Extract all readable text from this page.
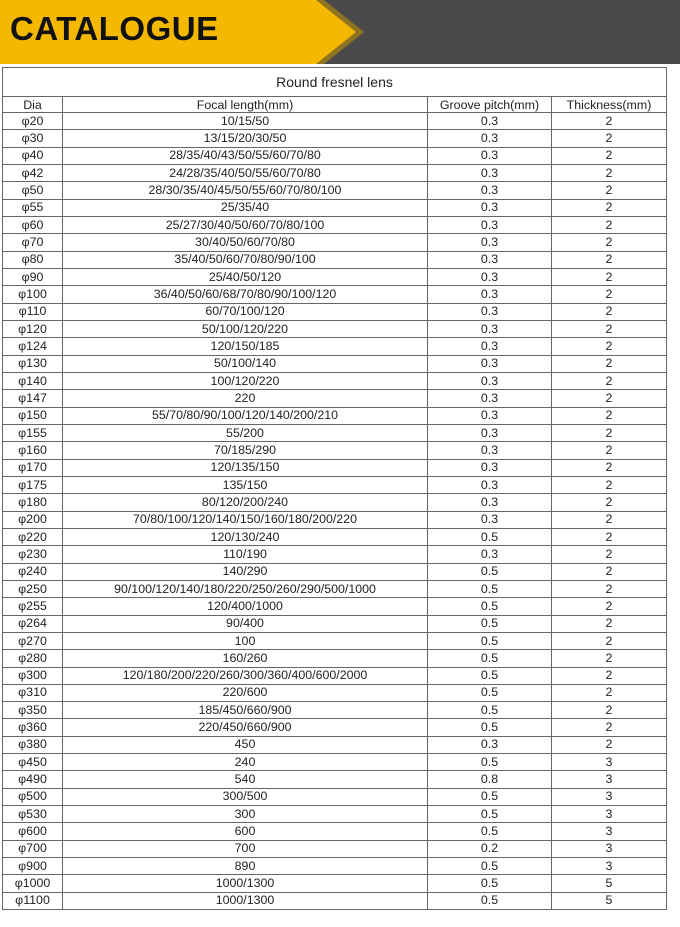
CATALOGUE
Round fresnel lens			
Dia	Focal length(mm)	Groove pitch(mm)	Thickness(mm)
φ20	10/15/50	0.3	2
φ30	13/15/20/30/50	0.3	2
φ40	28/35/40/43/50/55/60/70/80	0.3	2
φ42	24/28/35/40/50/55/60/70/80	0.3	2
φ50	28/30/35/40/45/50/55/60/70/80/100	0.3	2
φ55	25/35/40	0.3	2
φ60	25/27/30/40/50/60/70/80/100	0.3	2
φ70	30/40/50/60/70/80	0.3	2
φ80	35/40/50/60/70/80/90/100	0.3	2
φ90	25/40/50/120	0.3	2
φ100	36/40/50/60/68/70/80/90/100/120	0.3	2
φ110	60/70/100/120	0.3	2
φ120	50/100/120/220	0.3	2
φ124	120/150/185	0.3	2
φ130	50/100/140	0.3	2
φ140	100/120/220	0.3	2
φ147	220	0.3	2
φ150	55/70/80/90/100/120/140/200/210	0.3	2
φ155	55/200	0.3	2
φ160	70/185/290	0.3	2
φ170	120/135/150	0.3	2
φ175	135/150	0.3	2
φ180	80/120/200/240	0.3	2
φ200	70/80/100/120/140/150/160/180/200/220	0.3	2
φ220	120/130/240	0.5	2
φ230	110/190	0.3	2
φ240	140/290	0.5	2
φ250	90/100/120/140/180/220/250/260/290/500/1000	0.5	2
φ255	120/400/1000	0.5	2
φ264	90/400	0.5	2
φ270	100	0.5	2
φ280	160/260	0.5	2
φ300	120/180/200/220/260/300/360/400/600/2000	0.5	2
φ310	220/600	0.5	2
φ350	185/450/660/900	0.5	2
φ360	220/450/660/900	0.5	2
φ380	450	0.3	2
φ450	240	0.5	3
φ490	540	0.8	3
φ500	300/500	0.5	3
φ530	300	0.5	3
φ600	600	0.5	3
φ700	700	0.2	3
φ900	890	0.5	3
φ1000	1000/1300	0.5	5
φ1100	1000/1300	0.5	5
